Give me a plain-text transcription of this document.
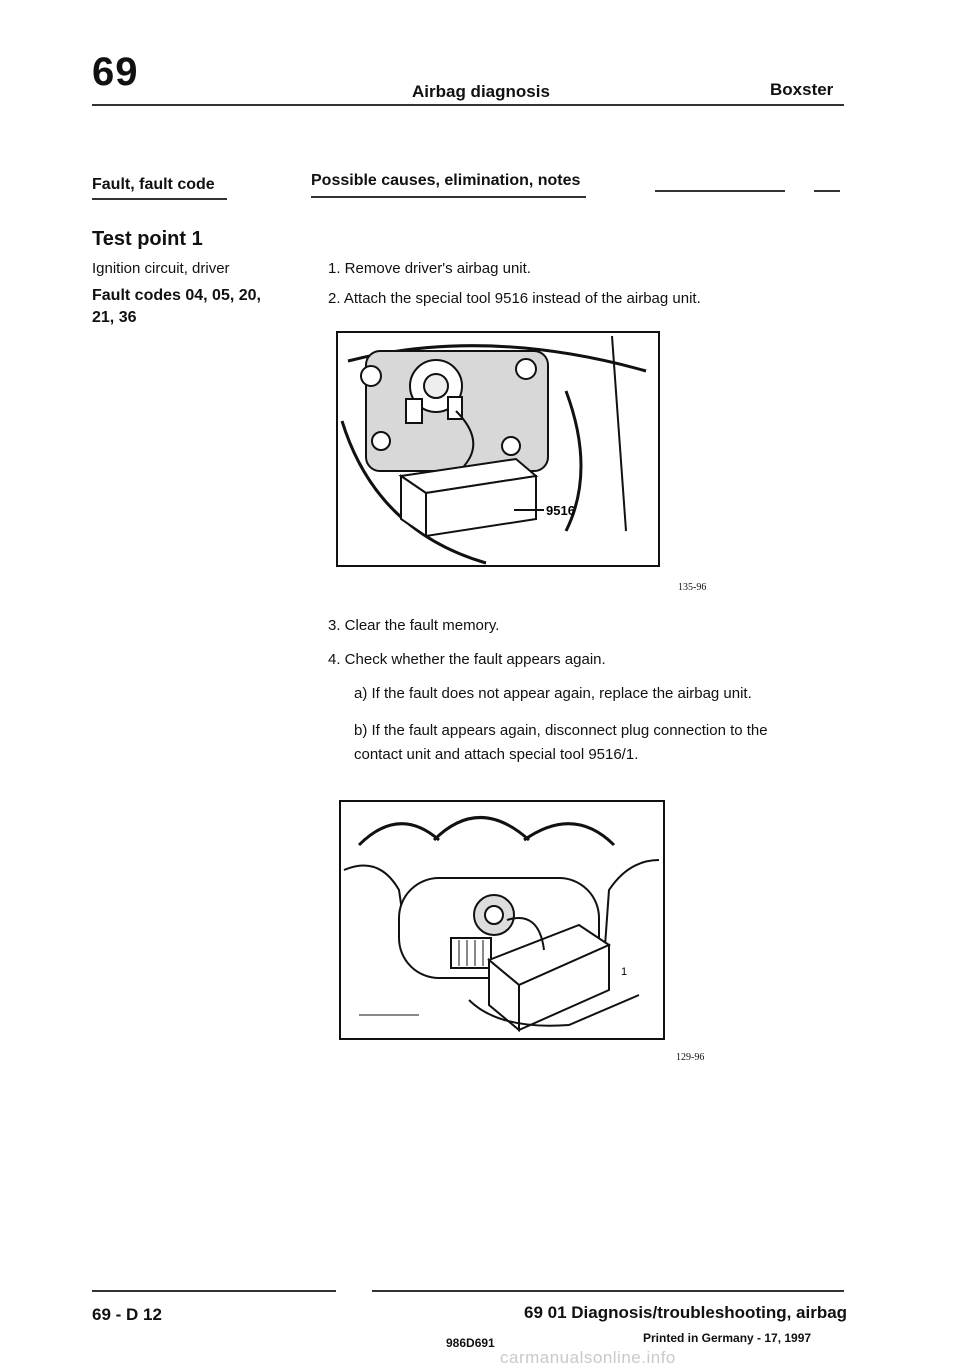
69	Airbag diagnosis	Boxster
Fault, fault code	Possible causes, elimination, notes
Test point 1
Ignition circuit, driver
Fault codes 04, 05, 20, 21, 36
1. Remove driver's airbag unit.
2. Attach the special tool 9516 instead of the airbag unit.
9516
135-96
3. Clear the fault memory.
4. Check whether the fault appears again.
a) If the fault does not appear again, replace the airbag unit.
b) If the fault appears again, disconnect plug connection to the contact unit and attach special tool 9516/1.
1
129-96
69 - D 12	69 01 Diagnosis/troubleshooting, airbag
986D691	Printed in Germany - 17, 1997
carmanualsonline.info
